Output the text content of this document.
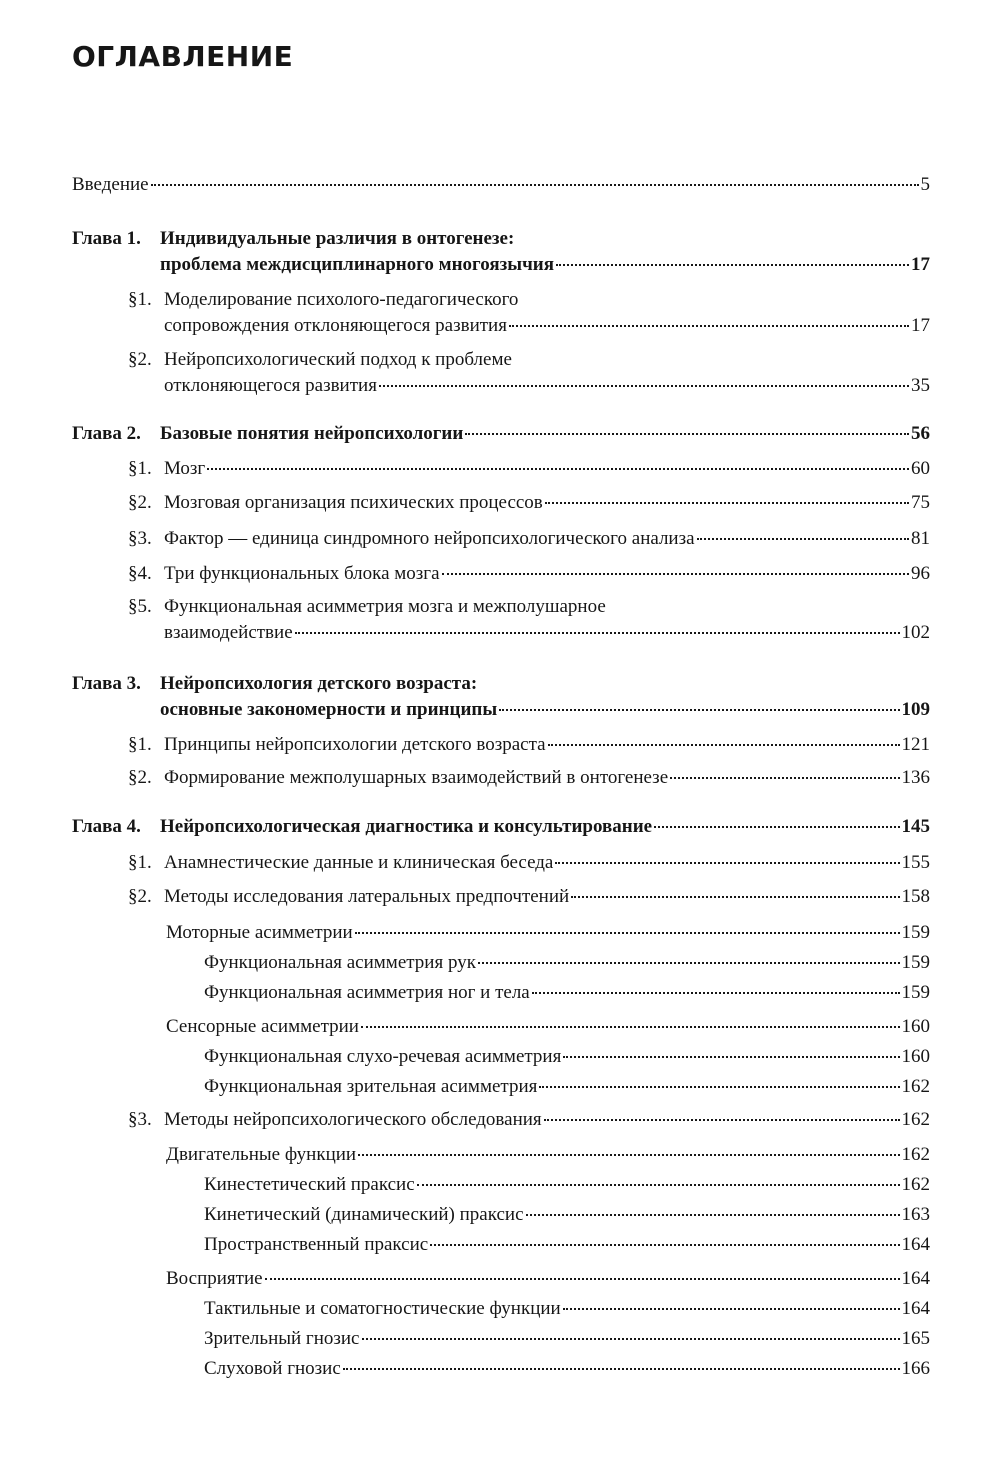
ОГЛАВЛЕНИЕ
Введение	5
Глава 1. Индивидуальные различия в онтогенезе:
проблема междисциплинарного многоязычия	17
§1. Моделирование психолого-педагогического
сопровождения отклоняющегося развития	17
§2. Нейропсихологический подход к проблеме
отклоняющегося развития	35
Глава 2. Базовые понятия нейропсихологии	56
§1. Мозг	60
§2. Мозговая организация психических процессов	75
§3. Фактор — единица синдромного нейропсихологического анализа	81
§4. Три функциональных блока мозга	96
§5. Функциональная асимметрия мозга и межполушарное
взаимодействие	102
Глава 3. Нейропсихология детского возраста:
основные закономерности и принципы	109
§1. Принципы нейропсихологии детского возраста	121
§2. Формирование межполушарных взаимодействий в онтогенезе	136
Глава 4. Нейропсихологическая диагностика и консультирование	145
§1. Анамнестические данные и клиническая беседа	155
§2. Методы исследования латеральных предпочтений	158
Моторные асимметрии	159
Функциональная асимметрия рук	159
Функциональная асимметрия ног и тела	159
Сенсорные асимметрии	160
Функциональная слухо-речевая асимметрия	160
Функциональная зрительная асимметрия	162
§3. Методы нейропсихологического обследования	162
Двигательные функции	162
Кинестетический праксис	162
Кинетический (динамический) праксис	163
Пространственный праксис	164
Восприятие	164
Тактильные и соматогностические функции	164
Зрительный гнозис	165
Слуховой гнозис	166
